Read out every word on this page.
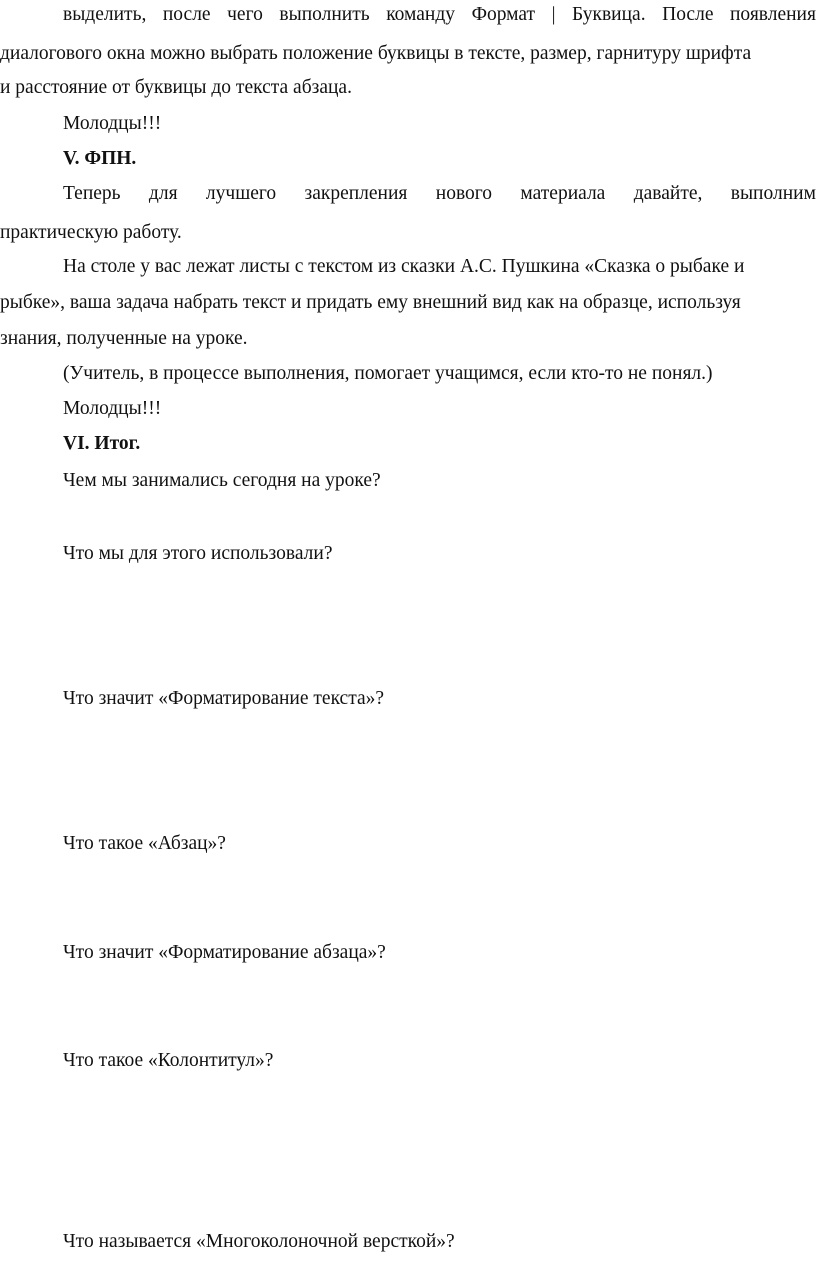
выделить, после чего выполнить команду Формат | Буквица. После появления
диалогового окна можно выбрать положение буквицы в тексте, размер, гарнитуру шрифта
и расстояние от буквицы до текста абзаца.
Молодцы!!!
V. ФПН.
Теперь для лучшего закрепления нового материала давайте, выполним
практическую работу.
На столе у вас лежат листы с текстом из сказки А.С. Пушкина «Сказка о рыбаке и
рыбке», ваша задача набрать текст и придать ему внешний вид как на образце, используя
знания, полученные на уроке.
(Учитель, в процессе выполнения, помогает учащимся, если кто-то не понял.)
Молодцы!!!
VI. Итог.
Чем мы занимались сегодня на уроке?
Что мы для этого использовали?
Что значит «Форматирование текста»?
Что такое «Абзац»?
Что значит «Форматирование абзаца»?
Что такое «Колонтитул»?
Что называется «Многоколоночной версткой»?
